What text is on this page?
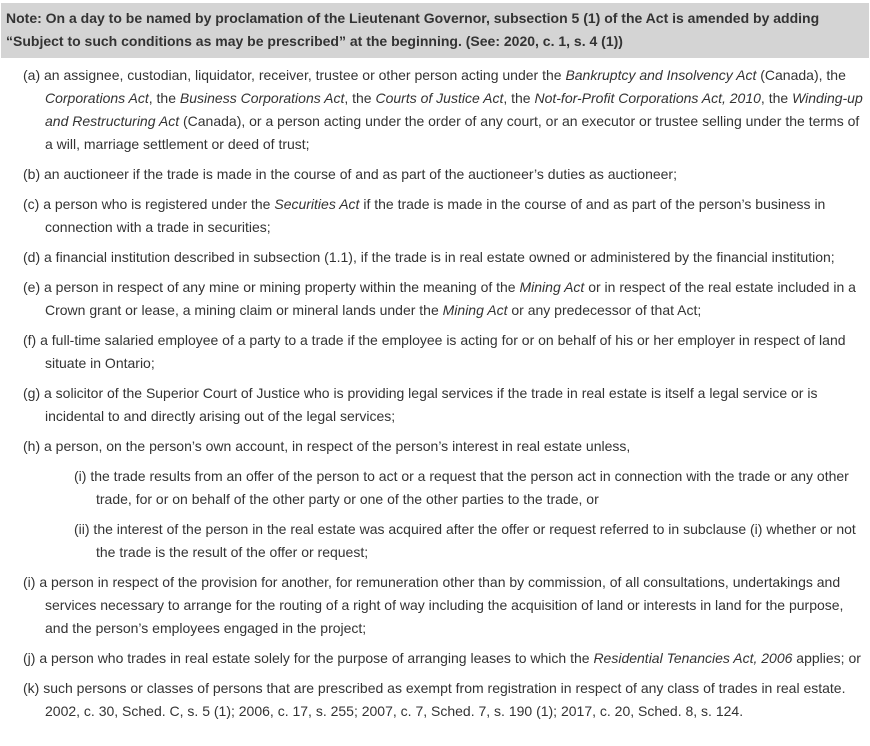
Note: On a day to be named by proclamation of the Lieutenant Governor, subsection 5 (1) of the Act is amended by adding “Subject to such conditions as may be prescribed” at the beginning. (See: 2020, c. 1, s. 4 (1))

(a) an assignee, custodian, liquidator, receiver, trustee or other person acting under the Bankruptcy and Insolvency Act (Canada), the Corporations Act, the Business Corporations Act, the Courts of Justice Act, the Not-for-Profit Corporations Act, 2010, the Winding-up and Restructuring Act (Canada), or a person acting under the order of any court, or an executor or trustee selling under the terms of a will, marriage settlement or deed of trust;

(b) an auctioneer if the trade is made in the course of and as part of the auctioneer’s duties as auctioneer;

(c) a person who is registered under the Securities Act if the trade is made in the course of and as part of the person’s business in connection with a trade in securities;

(d) a financial institution described in subsection (1.1), if the trade is in real estate owned or administered by the financial institution;

(e) a person in respect of any mine or mining property within the meaning of the Mining Act or in respect of the real estate included in a Crown grant or lease, a mining claim or mineral lands under the Mining Act or any predecessor of that Act;

(f) a full-time salaried employee of a party to a trade if the employee is acting for or on behalf of his or her employer in respect of land situate in Ontario;

(g) a solicitor of the Superior Court of Justice who is providing legal services if the trade in real estate is itself a legal service or is incidental to and directly arising out of the legal services;

(h) a person, on the person’s own account, in respect of the person’s interest in real estate unless,

(i) the trade results from an offer of the person to act or a request that the person act in connection with the trade or any other trade, for or on behalf of the other party or one of the other parties to the trade, or

(ii) the interest of the person in the real estate was acquired after the offer or request referred to in subclause (i) whether or not the trade is the result of the offer or request;

(i) a person in respect of the provision for another, for remuneration other than by commission, of all consultations, undertakings and services necessary to arrange for the routing of a right of way including the acquisition of land or interests in land for the purpose, and the person’s employees engaged in the project;

(j) a person who trades in real estate solely for the purpose of arranging leases to which the Residential Tenancies Act, 2006 applies; or

(k) such persons or classes of persons that are prescribed as exempt from registration in respect of any class of trades in real estate. 2002, c. 30, Sched. C, s. 5 (1); 2006, c. 17, s. 255; 2007, c. 7, Sched. 7, s. 190 (1); 2017, c. 20, Sched. 8, s. 124.
